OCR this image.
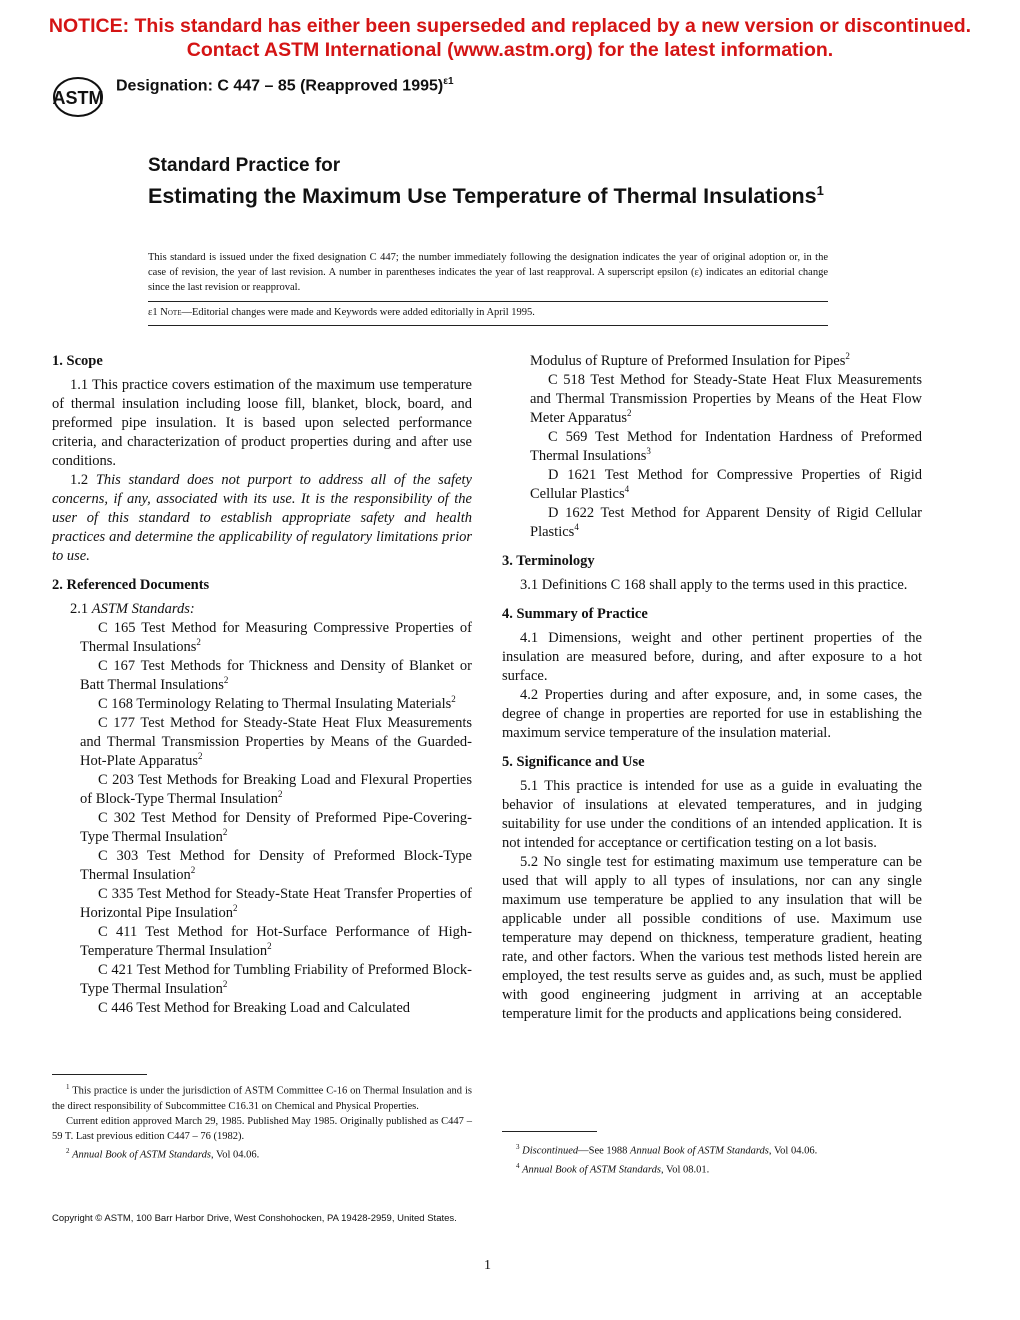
NOTICE: This standard has either been superseded and replaced by a new version or discontinued.
Contact ASTM International (www.astm.org) for the latest information.
ASTM
Designation: C 447 – 85 (Reapproved 1995)$^{\varepsilon 1}$
Standard Practice for
Estimating the Maximum Use Temperature of Thermal Insulations$^1$
This standard is issued under the fixed designation C 447; the number immediately following the designation indicates the year of original adoption or, in the case of revision, the year of last revision. A number in parentheses indicates the year of last reapproval. A superscript epsilon (ε) indicates an editorial change since the last revision or reapproval.
ε1 Note—Editorial changes were made and Keywords were added editorially in April 1995.
1. Scope

1.1 This practice covers estimation of the maximum use temperature of thermal insulation including loose fill, blanket, block, board, and preformed pipe insulation. It is based upon selected performance criteria, and characterization of product properties during and after use conditions.

1.2 This standard does not purport to address all of the safety concerns, if any, associated with its use. It is the responsibility of the user of this standard to establish appropriate safety and health practices and determine the applicability of regulatory limitations prior to use.

2. Referenced Documents

2.1 ASTM Standards:

C 165 Test Method for Measuring Compressive Properties of Thermal Insulations$^2$

C 167 Test Methods for Thickness and Density of Blanket or Batt Thermal Insulations$^2$

C 168 Terminology Relating to Thermal Insulating Materials$^2$

C 177 Test Method for Steady-State Heat Flux Measurements and Thermal Transmission Properties by Means of the Guarded-Hot-Plate Apparatus$^2$

C 203 Test Methods for Breaking Load and Flexural Properties of Block-Type Thermal Insulation$^2$

C 302 Test Method for Density of Preformed Pipe-Covering-Type Thermal Insulation$^2$

C 303 Test Method for Density of Preformed Block-Type Thermal Insulation$^2$

C 335 Test Method for Steady-State Heat Transfer Properties of Horizontal Pipe Insulation$^2$

C 411 Test Method for Hot-Surface Performance of High-Temperature Thermal Insulation$^2$

C 421 Test Method for Tumbling Friability of Preformed Block-Type Thermal Insulation$^2$

C 446 Test Method for Breaking Load and Calculated

Modulus of Rupture of Preformed Insulation for Pipes$^2$

C 518 Test Method for Steady-State Heat Flux Measurements and Thermal Transmission Properties by Means of the Heat Flow Meter Apparatus$^2$

C 569 Test Method for Indentation Hardness of Preformed Thermal Insulations$^3$

D 1621 Test Method for Compressive Properties of Rigid Cellular Plastics$^4$

D 1622 Test Method for Apparent Density of Rigid Cellular Plastics$^4$

3. Terminology

3.1 Definitions C 168 shall apply to the terms used in this practice.

4. Summary of Practice

4.1 Dimensions, weight and other pertinent properties of the insulation are measured before, during, and after exposure to a hot surface.

4.2 Properties during and after exposure, and, in some cases, the degree of change in properties are reported for use in establishing the maximum service temperature of the insulation material.

5. Significance and Use

5.1 This practice is intended for use as a guide in evaluating the behavior of insulations at elevated temperatures, and in judging suitability for use under the conditions of an intended application. It is not intended for acceptance or certification testing on a lot basis.

5.2 No single test for estimating maximum use temperature can be used that will apply to all types of insulations, nor can any single maximum use temperature be applied to any insulation that will be applicable under all possible conditions of use. Maximum use temperature may depend on thickness, temperature gradient, heating rate, and other factors. When the various test methods listed herein are employed, the test results serve as guides and, as such, must be applied with good engineering judgment in arriving at an acceptable temperature limit for the products and applications being considered.

$^1$ This practice is under the jurisdiction of ASTM Committee C-16 on Thermal Insulation and is the direct responsibility of Subcommittee C16.31 on Chemical and Physical Properties.

Current edition approved March 29, 1985. Published May 1985. Originally published as C447 – 59 T. Last previous edition C447 – 76 (1982).

$^2$ Annual Book of ASTM Standards, Vol 04.06.

$^3$ Discontinued—See 1988 Annual Book of ASTM Standards, Vol 04.06.

$^4$ Annual Book of ASTM Standards, Vol 08.01.

Copyright © ASTM, 100 Barr Harbor Drive, West Conshohocken, PA 19428-2959, United States.
1
